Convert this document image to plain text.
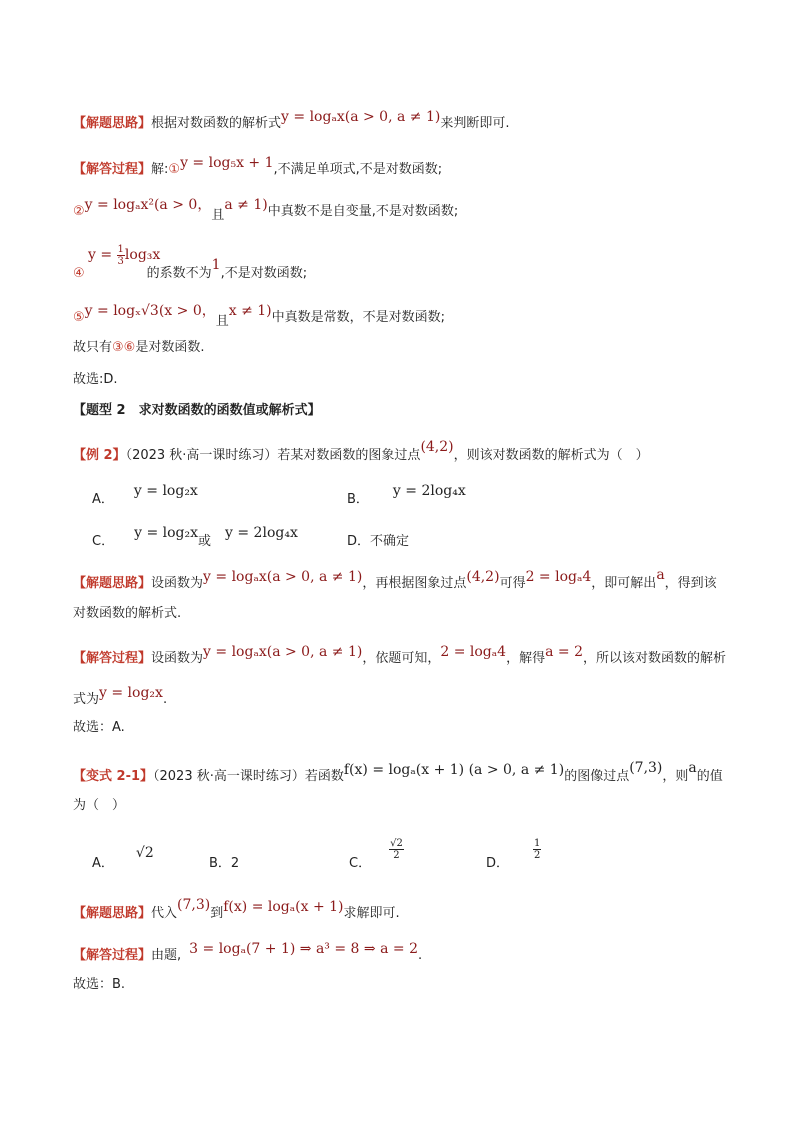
【解题思路】根据对数函数的解析式y = logₐx(a > 0, a ≠ 1)来判断即可.
【解答过程】解:①y = log₅x + 1,不满足单项式,不是对数函数;
②y = logₐx²(a > 0，且a ≠ 1)中真数不是自变量,不是对数函数;
$y = \frac{1}{3} \log_3x$
④	的系数不为1,不是对数函数;
⑤y = logₓ√3(x > 0，且x ≠ 1)中真数是常数，不是对数函数;
故只有③⑥是对数函数.
故选:D.
【题型 2　求对数函数的函数值或解析式】
【例 2】（2023 秋·高一课时练习）若某对数函数的图象过点(4,2)，则该对数函数的解析式为（　）
A．y = log₂x
B．y = 2log₄x
C．y = log₂x或y = 2log₄x
D．不确定
【解题思路】设函数为y = logₐx(a > 0, a ≠ 1)，再根据图象过点(4,2)可得2 = logₐ4，即可解出a，得到该
对数函数的解析式.
【解答过程】设函数为y = logₐx(a > 0, a ≠ 1)，依题可知，2 = logₐ4，解得a = 2，所以该对数函数的解析
式为y = log₂x.
故选：A.
【变式 2-1】（2023 秋·高一课时练习）若函数f(x) = logₐ(x + 1) (a > 0, a ≠ 1)的图像过点(7,3)，则a的值
为（　）
A．√2
B．2	C．
$\frac{√2}{2}$
D．
$\frac{1}{2}$
【解题思路】代入(7,3)到f(x) = logₐ(x + 1)求解即可.
【解答过程】由题, 3 = logₐ(7 + 1) ⇒ a³ = 8 ⇒ a = 2.
故选：B.
